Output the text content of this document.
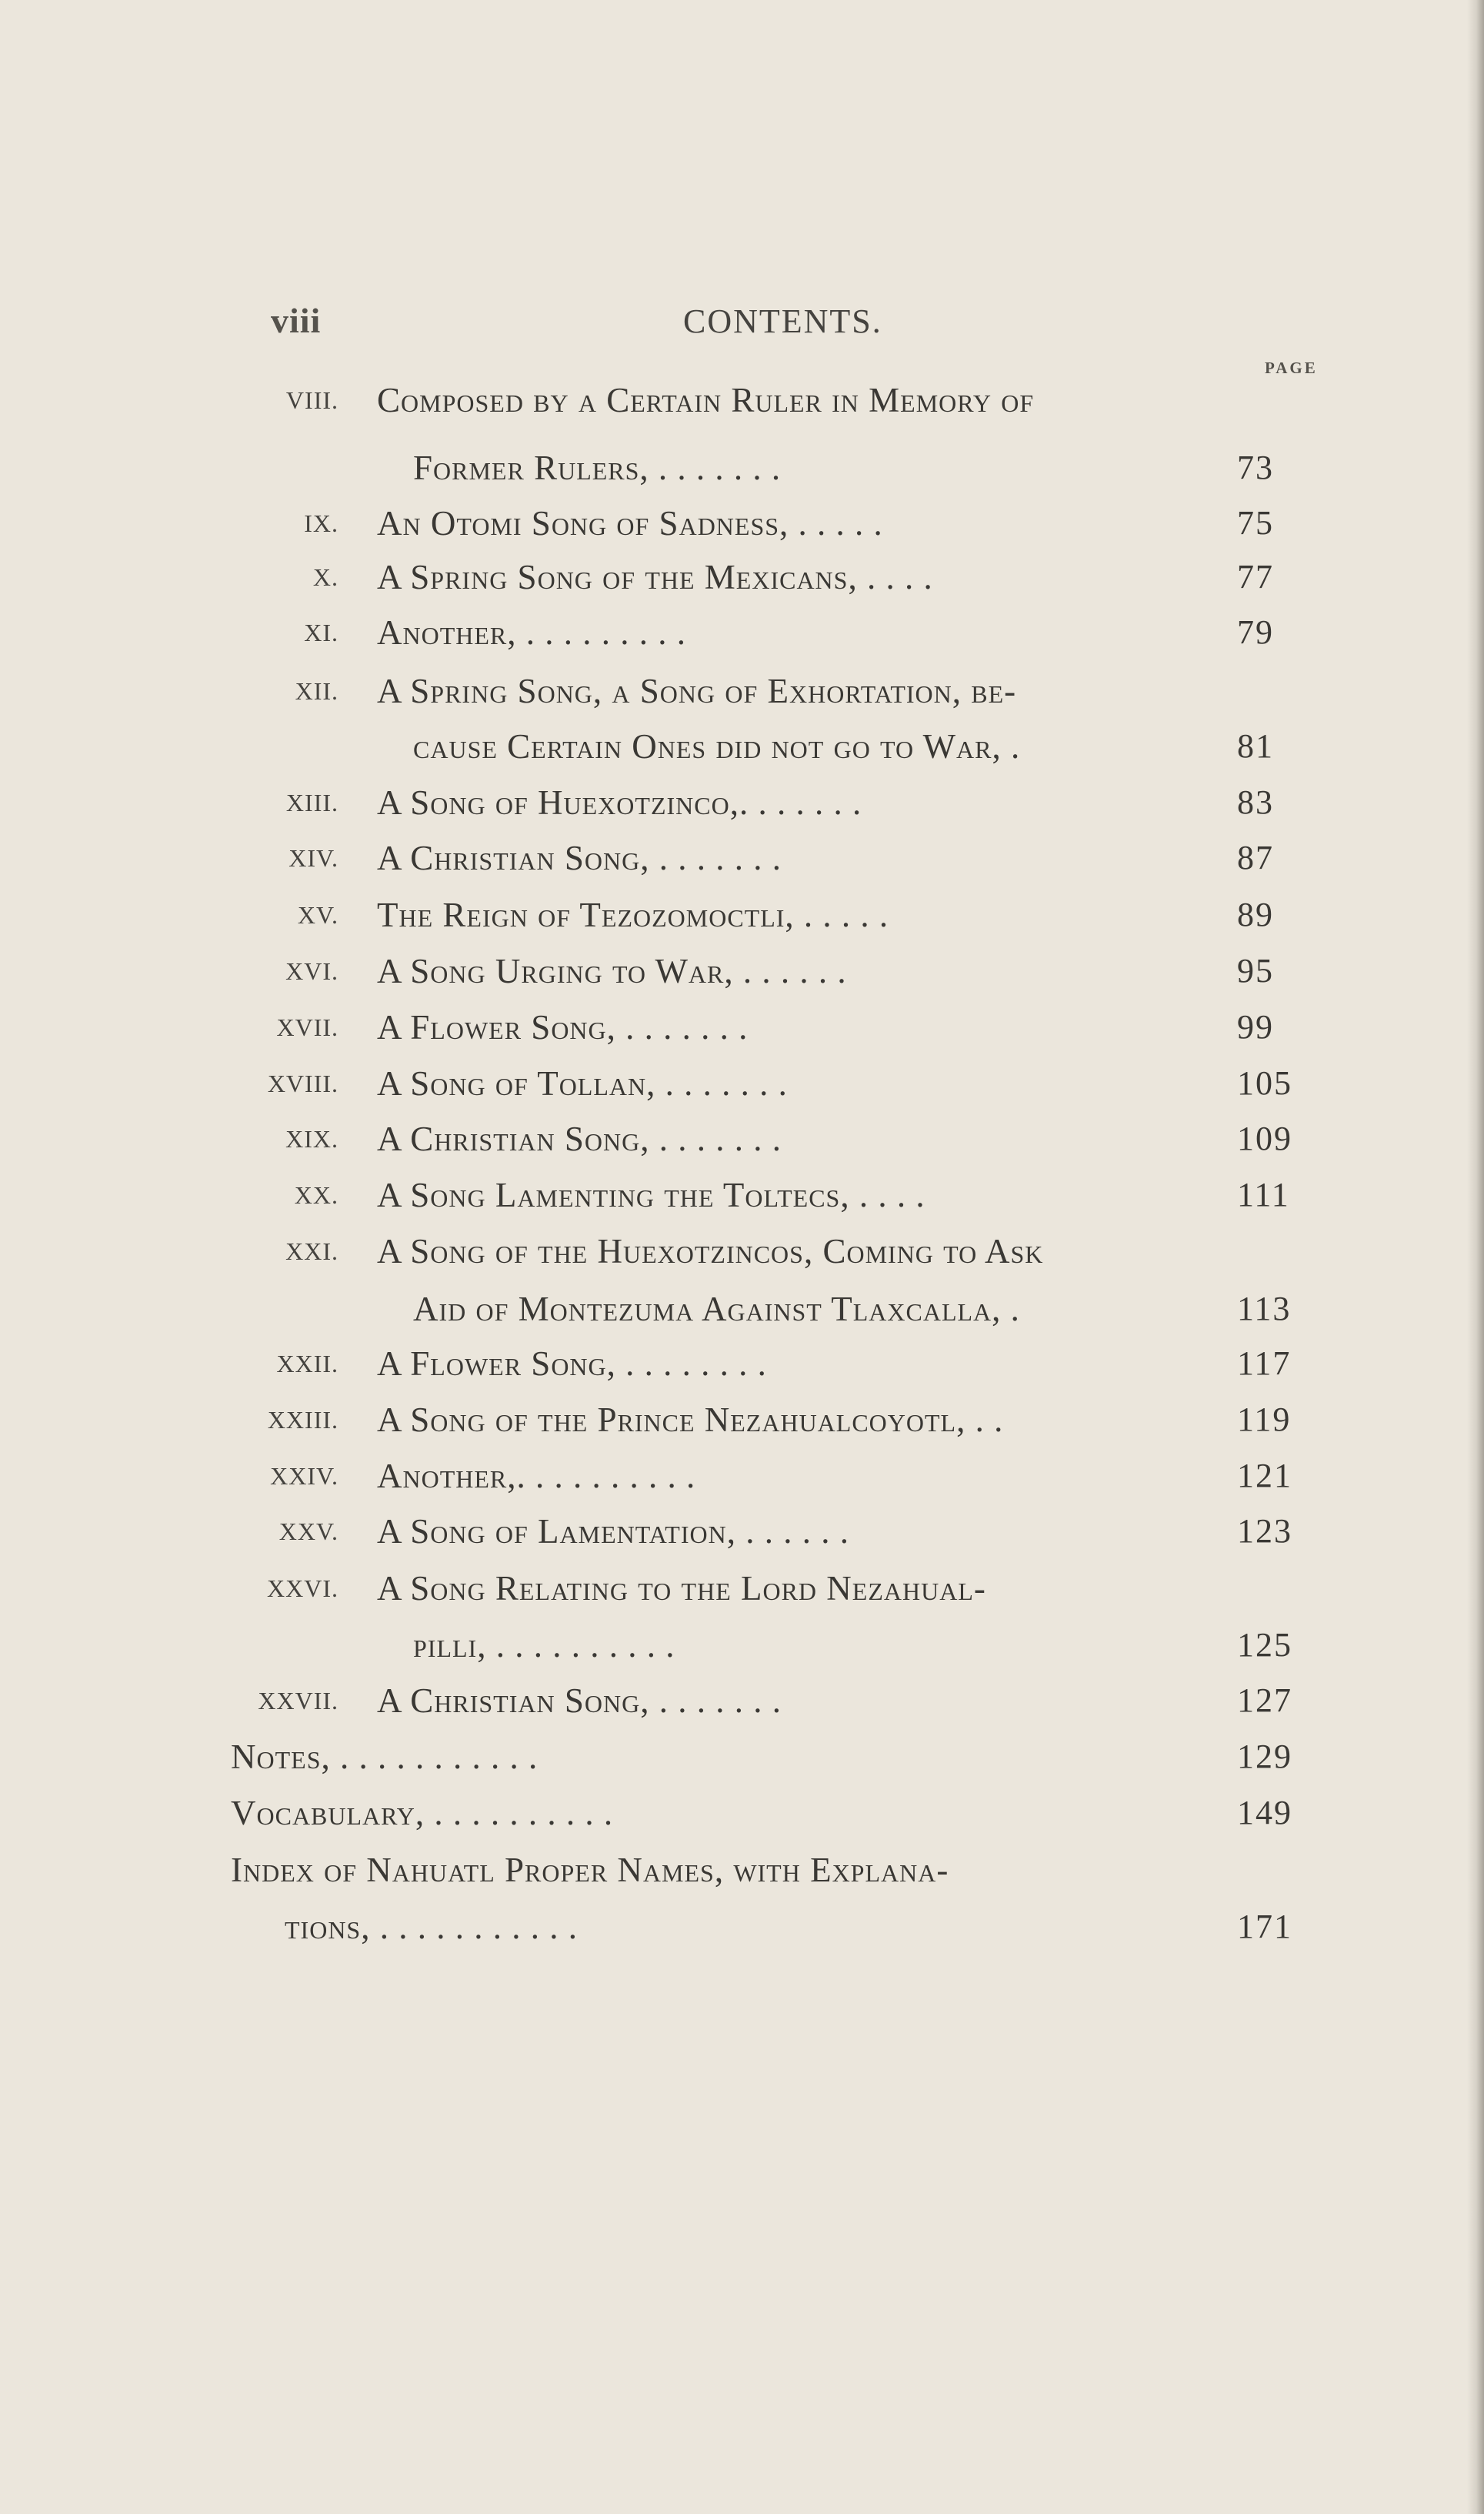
viii	CONTENTS.
PAGE
VIII. Composed by a Certain Ruler in Memory of
Former Rulers, . . . . . . .	73
IX. An Otomi Song of Sadness, . . . . .	75
X. A Spring Song of the Mexicans, . . . .	77
XI. Another, . . . . . . . . .	79
XII. A Spring Song, a Song of Exhortation, be-
cause Certain Ones did not go to War, .	81
XIII. A Song of Huexotzinco,. . . . . . .	83
XIV. A Christian Song, . . . . . . .	87
XV. The Reign of Tezozomoctli, . . . . .	89
XVI. A Song Urging to War, . . . . . .	95
XVII. A Flower Song, . . . . . . .	99
XVIII. A Song of Tollan, . . . . . . .	105
XIX. A Christian Song, . . . . . . .	109
XX. A Song Lamenting the Toltecs, . . . .	111
XXI. A Song of the Huexotzincos, Coming to Ask
Aid of Montezuma Against Tlaxcalla, .	113
XXII. A Flower Song, . . . . . . . .	117
XXIII. A Song of the Prince Nezahualcoyotl, . .	119
XXIV. Another,. . . . . . . . . .	121
XXV. A Song of Lamentation, . . . . . .	123
XXVI. A Song Relating to the Lord Nezahual-
pilli, . . . . . . . . . .	125
XXVII. A Christian Song, . . . . . . .	127
Notes, . . . . . . . . . . .	129
Vocabulary, . . . . . . . . . .	149
Index of Nahuatl Proper Names, with Explana-
tions, . . . . . . . . . . .	171
